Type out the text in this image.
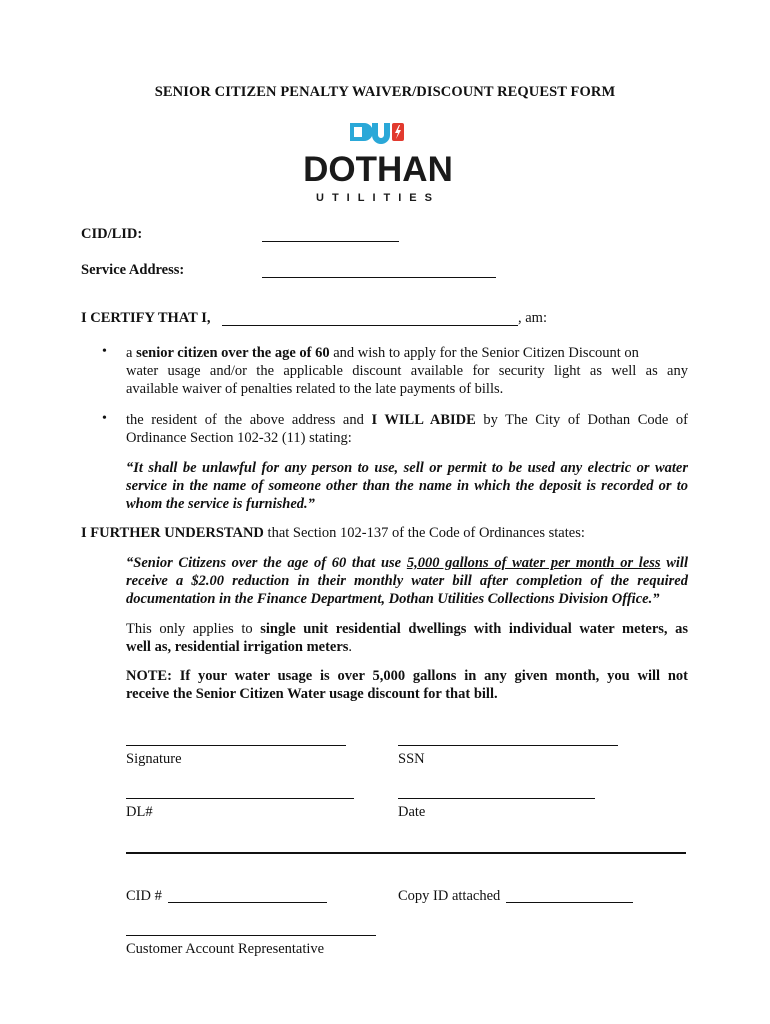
SENIOR CITIZEN PENALTY WAIVER/DISCOUNT REQUEST FORM
DOTHAN
UTILITIES
CID/LID:
Service Address:
I CERTIFY THAT I,	, am:
• a senior citizen over the age of 60 and wish to apply for the Senior Citizen Discount on
water usage and/or the applicable discount available for security light as well as any
available waiver of penalties related to the late payments of bills.
• the resident of the above address and I WILL ABIDE by The City of Dothan Code of
Ordinance Section 102-32 (11) stating:
“It shall be unlawful for any person to use, sell or permit to be used any electric or water
service in the name of someone other than the name in which the deposit is recorded or to
whom the service is furnished.”
I FURTHER UNDERSTAND that Section 102-137 of the Code of Ordinances states:
“Senior Citizens over the age of 60 that use 5,000 gallons of water per month or less will
receive a $2.00 reduction in their monthly water bill after completion of the required
documentation in the Finance Department, Dothan Utilities Collections Division Office.”
This only applies to single unit residential dwellings with individual water meters, as
well as, residential irrigation meters.
NOTE: If your water usage is over 5,000 gallons in any given month, you will not
receive the Senior Citizen Water usage discount for that bill.
Signature	SSN
DL#	Date
CID #	Copy ID attached
Customer Account Representative
